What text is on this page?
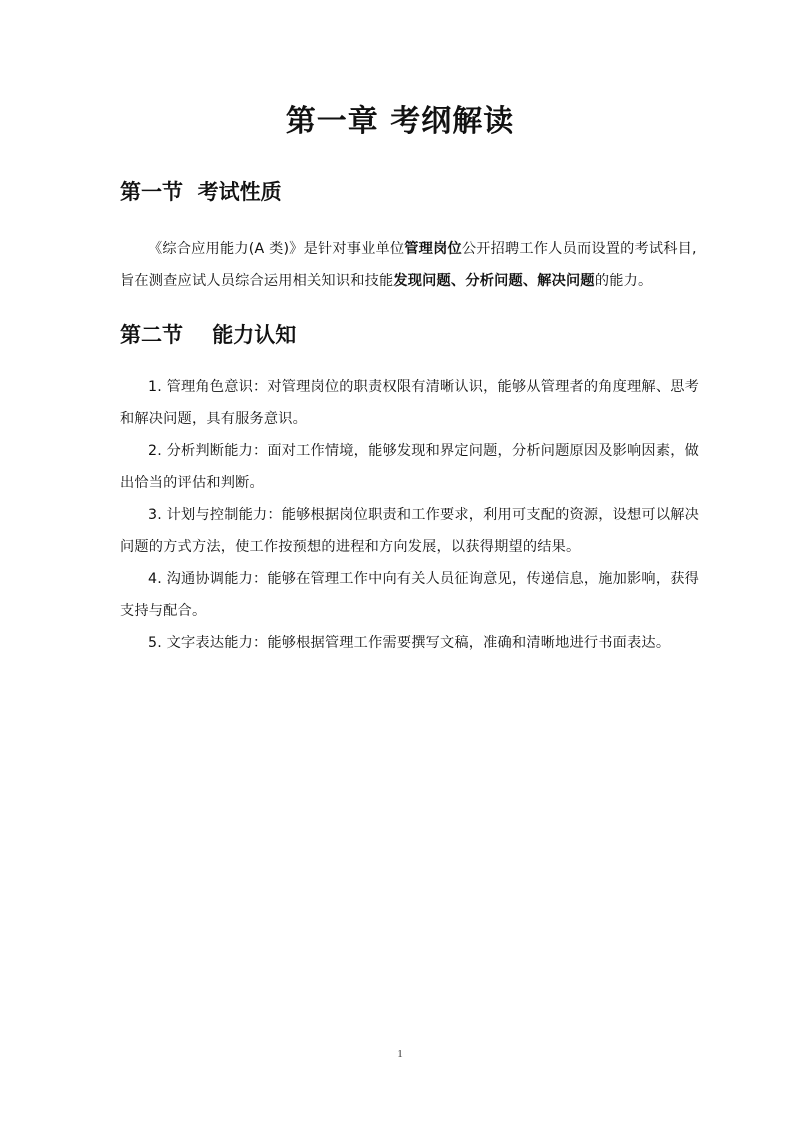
第一章 考纲解读
第一节  考试性质
《综合应用能力(A 类)》是针对事业单位管理岗位公开招聘工作人员而设置的考试科目,
旨在测查应试人员综合运用相关知识和技能发现问题、分析问题、解决问题的能力。
第二节    能力认知
1. 管理角色意识：对管理岗位的职责权限有清晰认识，能够从管理者的角度理解、思考
和解决问题，具有服务意识。
2. 分析判断能力：面对工作情境，能够发现和界定问题，分析问题原因及影响因素，做
出恰当的评估和判断。
3. 计划与控制能力：能够根据岗位职责和工作要求，利用可支配的资源，设想可以解决
问题的方式方法，使工作按预想的进程和方向发展，以获得期望的结果。
4. 沟通协调能力：能够在管理工作中向有关人员征询意见，传递信息，施加影响，获得
支持与配合。
5. 文字表达能力：能够根据管理工作需要撰写文稿，准确和清晰地进行书面表达。
1
